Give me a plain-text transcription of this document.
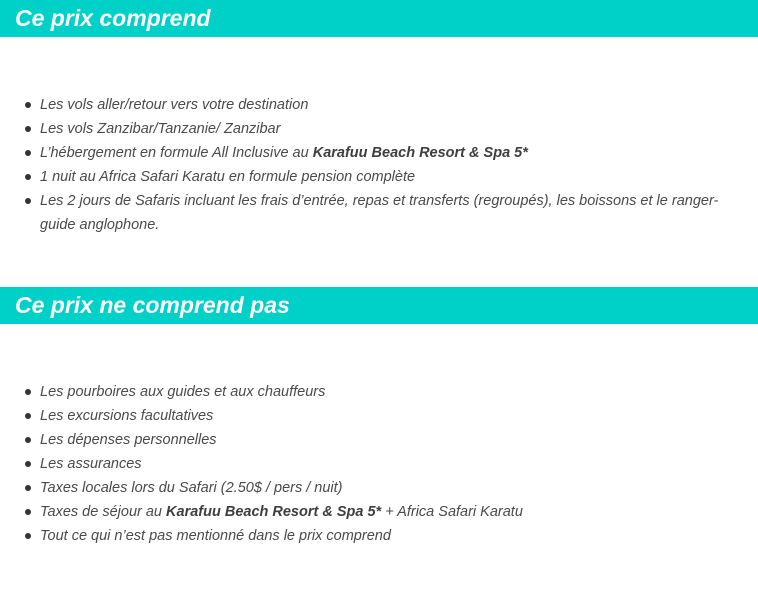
Ce prix comprend
Les vols aller/retour vers votre destination
Les vols Zanzibar/Tanzanie/ Zanzibar
L’hébergement en formule All Inclusive au Karafuu Beach Resort & Spa 5*
1 nuit au Africa Safari Karatu en formule pension complète
Les 2 jours de Safaris incluant les frais d’entrée, repas et transferts (regroupés), les boissons et le ranger-guide anglophone.
Ce prix ne comprend pas
Les pourboires aux guides et aux chauffeurs
Les excursions facultatives
Les dépenses personnelles
Les assurances
Taxes locales lors du Safari (2.50$ / pers / nuit)
Taxes de séjour au Karafuu Beach Resort & Spa 5* + Africa Safari Karatu
Tout ce qui n’est pas mentionné dans le prix comprend
